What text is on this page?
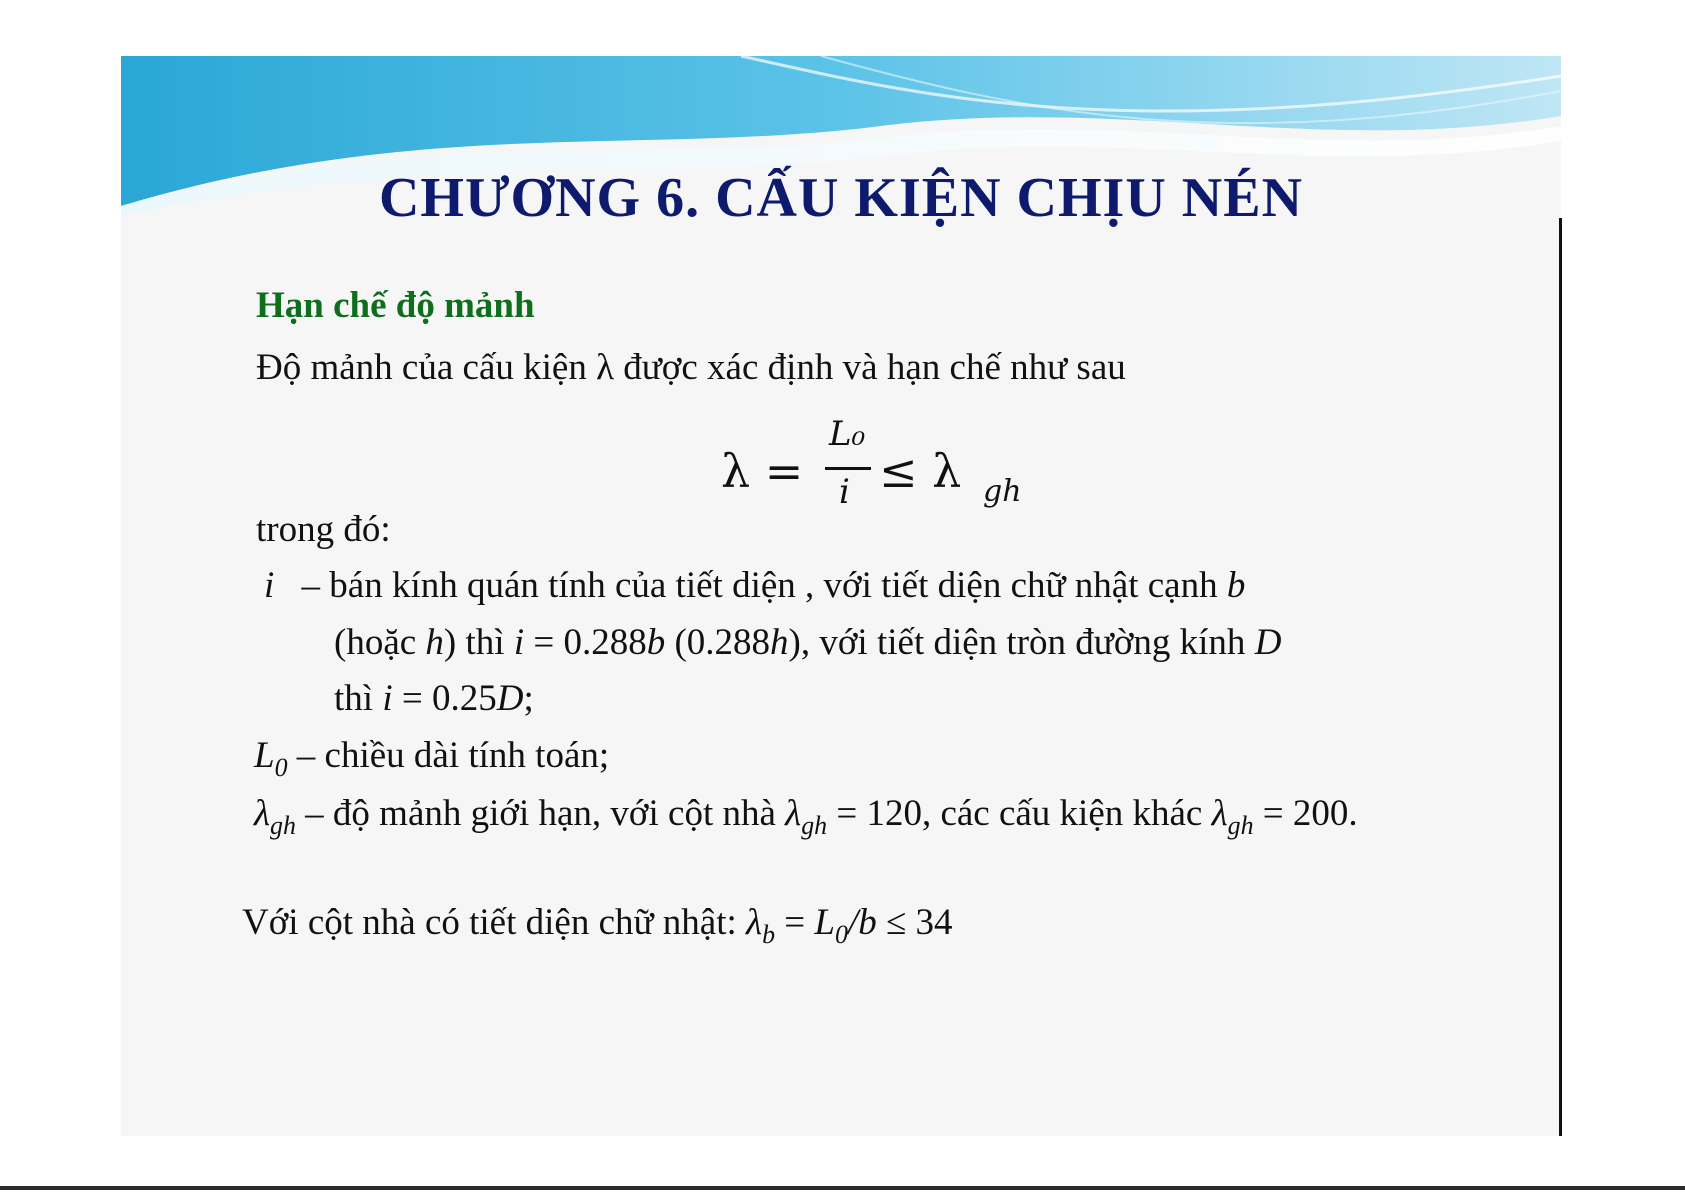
CHƯƠNG 6. CẤU KIỆN CHỊU NÉN
Hạn chế độ mảnh
Độ mảnh của cấu kiện λ được xác định và hạn chế như sau
λ =
L₀
i ≤ λ gh
trong đó:
i – bán kính quán tính của tiết diện , với tiết diện chữ nhật cạnh b
(hoặc h) thì i = 0.288b (0.288h), với tiết diện tròn đường kính D
thì i = 0.25D;
$L_0$ – chiều dài tính toán;
$\lambda_{gh}$ – độ mảnh giới hạn, với cột nhà $\lambda_{gh} = 120$, các cấu kiện khác $\lambda_{gh} = 200$.
Với cột nhà có tiết diện chữ nhật: $\lambda_b = L_0/b \le 34$
